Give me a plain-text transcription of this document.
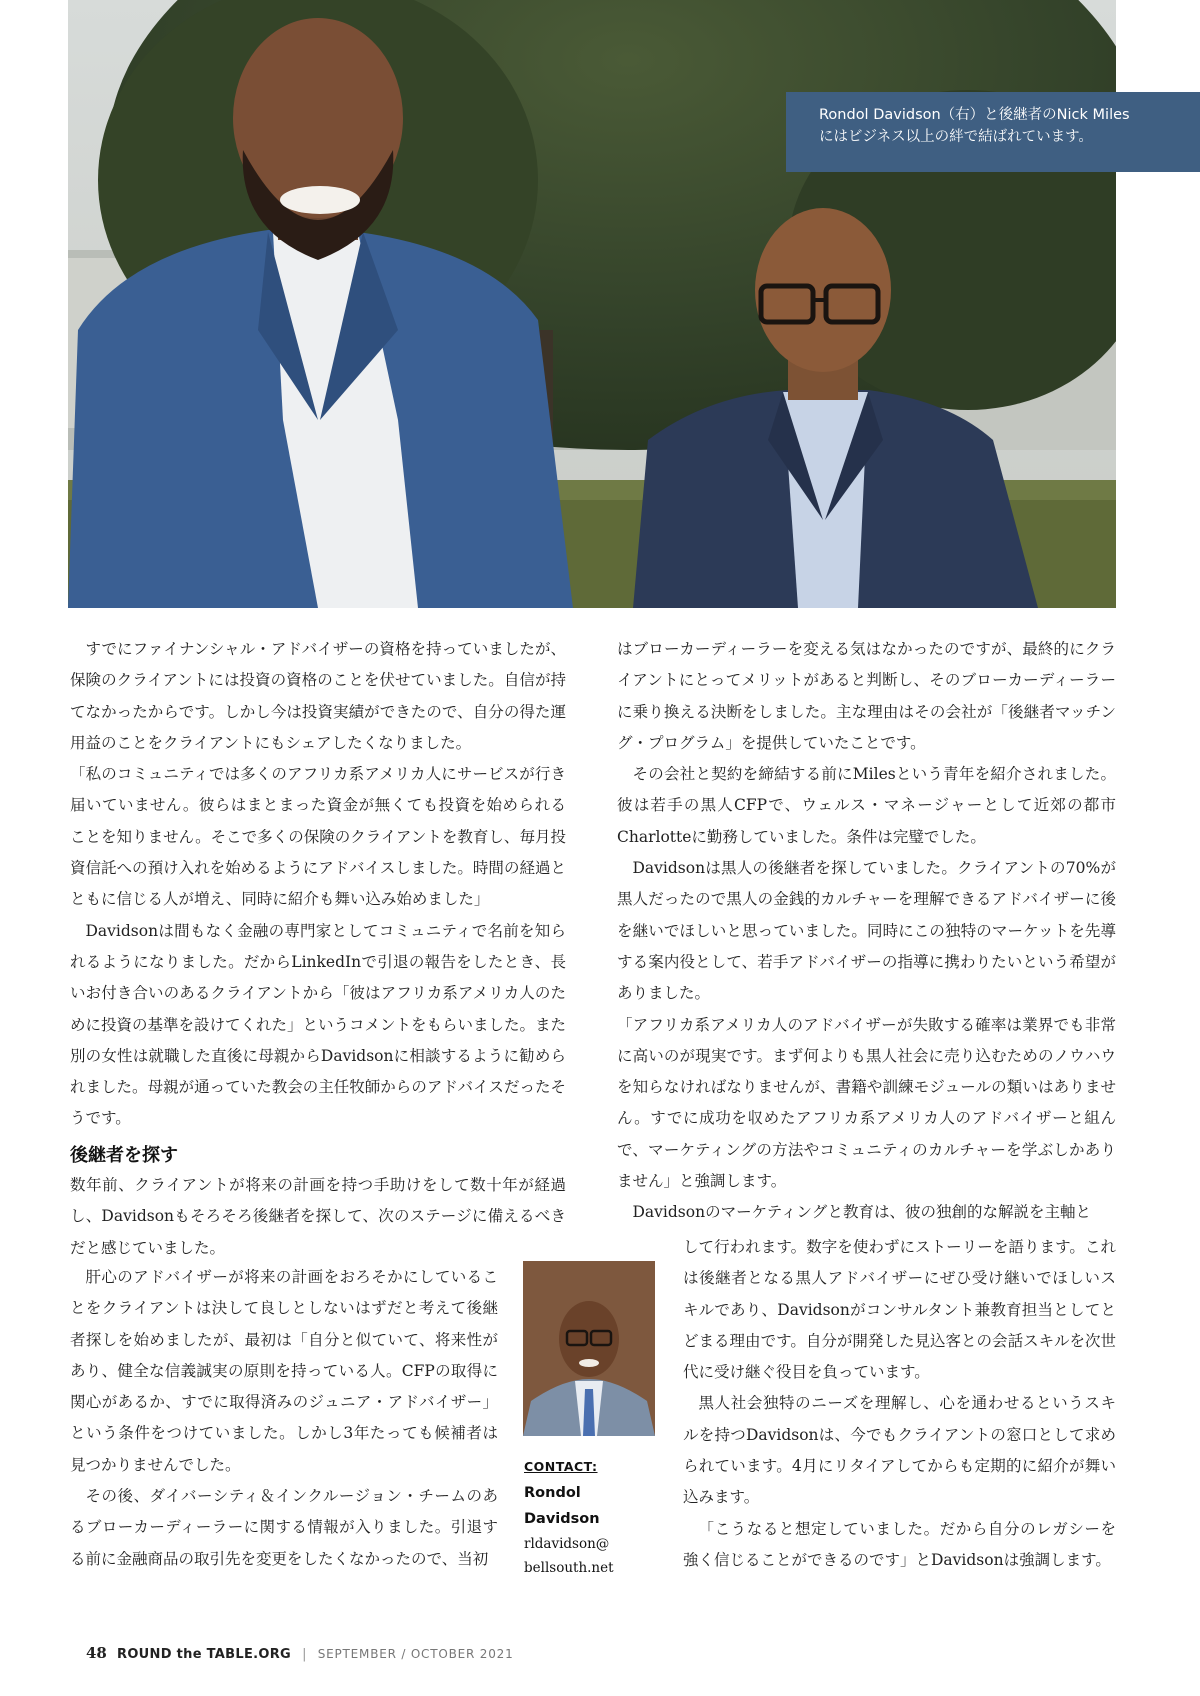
Rondol Davidson（右）と後継者のNick Miles
にはビジネス以上の絆で結ばれています。

すでにファイナンシャル・アドバイザーの資格を持っていましたが、保険のクライアントには投資の資格のことを伏せていました。自信が持てなかったからです。しかし今は投資実績ができたので、自分の得た運用益のことをクライアントにもシェアしたくなりました。

「私のコミュニティでは多くのアフリカ系アメリカ人にサービスが行き届いていません。彼らはまとまった資金が無くても投資を始められることを知りません。そこで多くの保険のクライアントを教育し、毎月投資信託への預け入れを始めるようにアドバイスしました。時間の経過とともに信じる人が増え、同時に紹介も舞い込み始めました」

Davidsonは間もなく金融の専門家としてコミュニティで名前を知られるようになりました。だからLinkedInで引退の報告をしたとき、長いお付き合いのあるクライアントから「彼はアフリカ系アメリカ人のために投資の基準を設けてくれた」というコメントをもらいました。また別の女性は就職した直後に母親からDavidsonに相談するように勧められました。母親が通っていた教会の主任牧師からのアドバイスだったそうです。

はブローカーディーラーを変える気はなかったのですが、最終的にクライアントにとってメリットがあると判断し、そのブローカーディーラーに乗り換える決断をしました。主な理由はその会社が「後継者マッチング・プログラム」を提供していたことです。

その会社と契約を締結する前にMilesという青年を紹介されました。彼は若手の黒人CFPで、ウェルス・マネージャーとして近郊の都市Charlotteに勤務していました。条件は完璧でした。

Davidsonは黒人の後継者を探していました。クライアントの70%が黒人だったので黒人の金銭的カルチャーを理解できるアドバイザーに後を継いでほしいと思っていました。同時にこの独特のマーケットを先導する案内役として、若手アドバイザーの指導に携わりたいという希望がありました。

「アフリカ系アメリカ人のアドバイザーが失敗する確率は業界でも非常に高いのが現実です。まず何よりも黒人社会に売り込むためのノウハウを知らなければなりませんが、書籍や訓練モジュールの類いはありません。すでに成功を収めたアフリカ系アメリカ人のアドバイザーと組んで、マーケティングの方法やコミュニティのカルチャーを学ぶしかありません」と強調します。

Davidsonのマーケティングと教育は、彼の独創的な解説を主軸と

後継者を探す

数年前、クライアントが将来の計画を持つ手助けをして数十年が経過し、Davidsonもそろそろ後継者を探して、次のステージに備えるべきだと感じていました。

肝心のアドバイザーが将来の計画をおろそかにしていることをクライアントは決して良しとしないはずだと考えて後継者探しを始めましたが、最初は「自分と似ていて、将来性があり、健全な信義誠実の原則を持っている人。CFPの取得に関心があるか、すでに取得済みのジュニア・アドバイザー」という条件をつけていました。しかし3年たっても候補者は見つかりませんでした。

その後、ダイバーシティ＆インクルージョン・チームのあるブローカーディーラーに関する情報が入りました。引退する前に金融商品の取引先を変更をしたくなかったので、当初

CONTACT:
Rondol
Davidson
rldavidson@
bellsouth.net

して行われます。数字を使わずにストーリーを語ります。これは後継者となる黒人アドバイザーにぜひ受け継いでほしいスキルであり、Davidsonがコンサルタント兼教育担当としてとどまる理由です。自分が開発した見込客との会話スキルを次世代に受け継ぐ役目を負っています。

黒人社会独特のニーズを理解し、心を通わせるというスキルを持つDavidsonは、今でもクライアントの窓口として求められています。4月にリタイアしてからも定期的に紹介が舞い込みます。

「こうなると想定していました。だから自分のレガシーを強く信じることができるのです」とDavidsonは強調します。

48 ROUND the TABLE.ORG | SEPTEMBER / OCTOBER 2021
